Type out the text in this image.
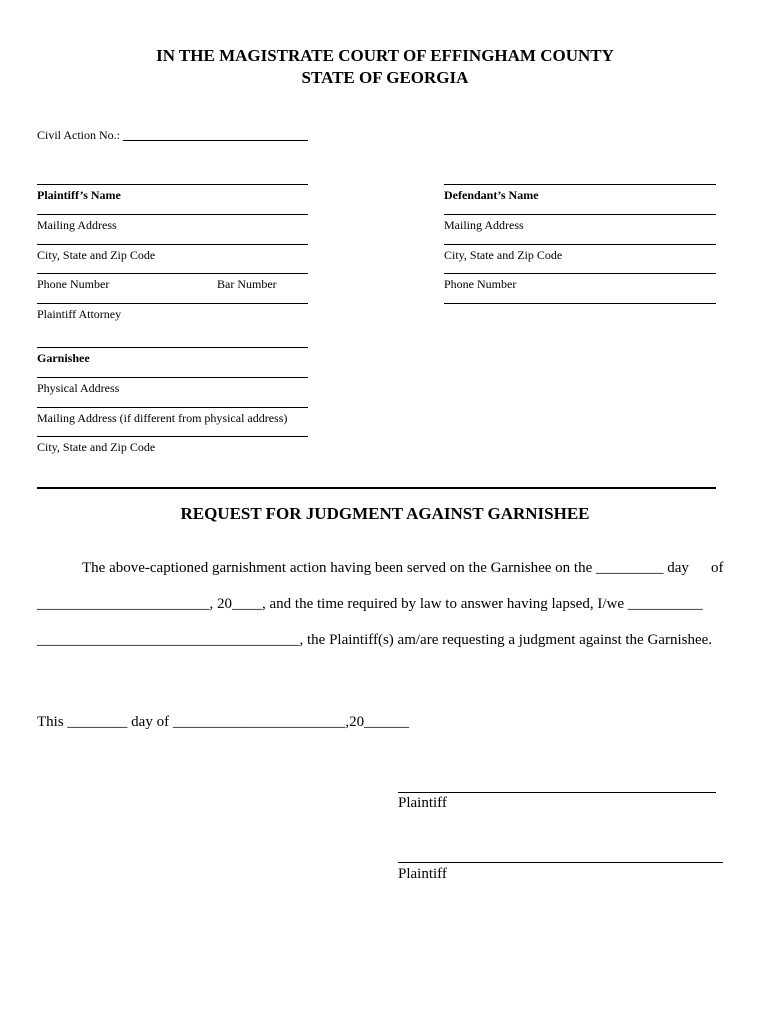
IN THE MAGISTRATE COURT OF EFFINGHAM COUNTY
STATE OF GEORGIA
Civil Action No.:
Plaintiff’s Name
Mailing Address
City, State and Zip Code
Phone Number	Bar Number
Plaintiff Attorney
Defendant’s Name
Mailing Address
City, State and Zip Code
Phone Number
Garnishee
Physical Address
Mailing Address (if different from physical address)
City, State and Zip Code
REQUEST FOR JUDGMENT AGAINST GARNISHEE
The above-captioned garnishment action having been served on the Garnishee on the _________ day of
_______________________, 20____, and the time required by law to answer having lapsed, I/we __________
___________________________________, the Plaintiff(s) am/are requesting a judgment against the Garnishee.
This ________ day of _______________________,20______
Plaintiff
Plaintiff
